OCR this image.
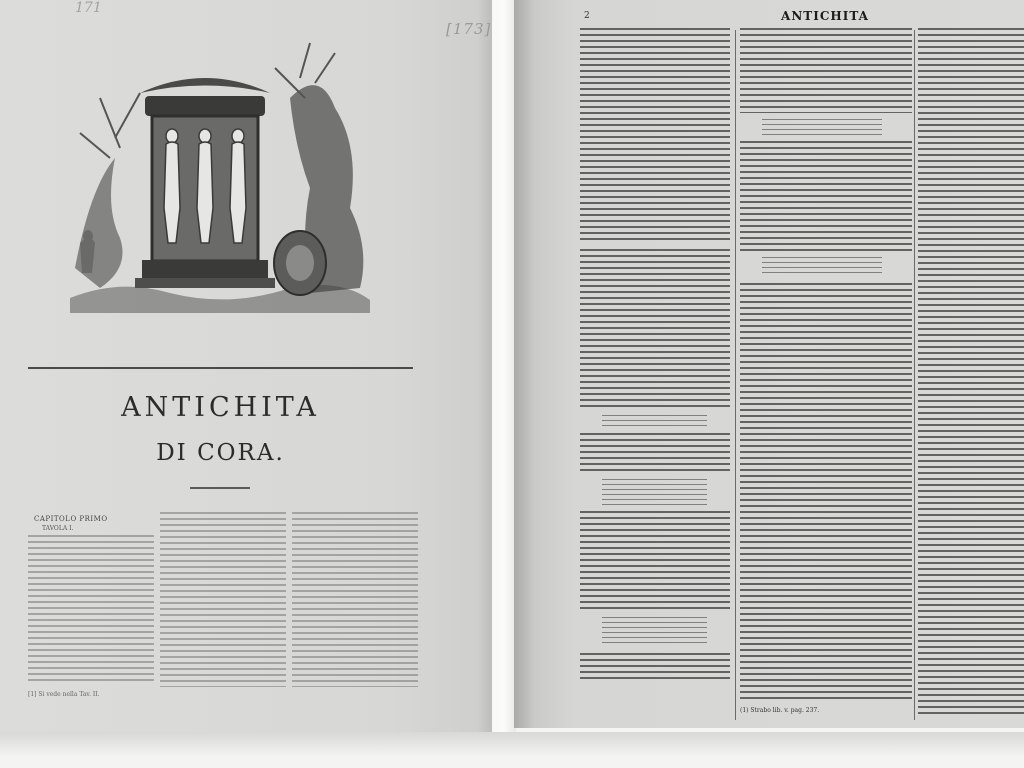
171
[173]
ANTICHITA
DI CORA.
CAPITOLO PRIMO
TAVOLA I.
[1] Si vede nella Tav. II.
2	ANTICHITA
(1) Strabo lib. v. pag. 237.
